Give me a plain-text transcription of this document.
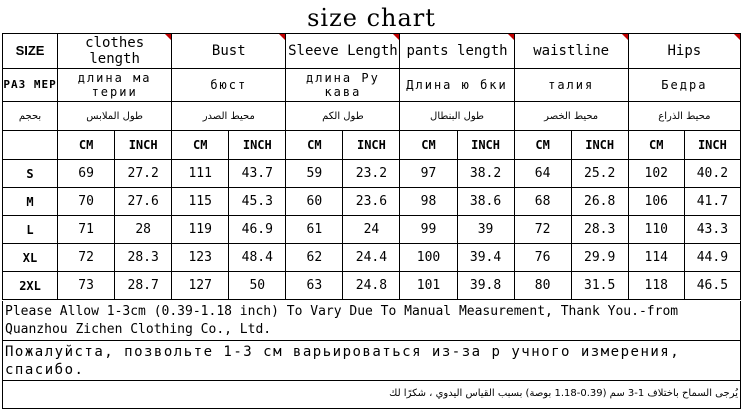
size chart
SIZE	clothes length		Bust		Sleeve Length		pants length		waistline		Hips	

РАЗ МЕР	длина ма терии		бюст		длина Ру кава		Длина ю бки		талия		Бедра	
بحجم	طول الملابس		محيط الصدر		طول الكم		طول البنطال		محيط الخصر		محيط الذراع	
	CM	INCH	CM	INCH	CM	INCH	CM	INCH	CM	INCH	CM	INCH
S	69	27.2	111	43.7	59	23.2	97	38.2	64	25.2	102	40.2
M	70	27.6	115	45.3	60	23.6	98	38.6	68	26.8	106	41.7
L	71	28	119	46.9	61	24	99	39	72	28.3	110	43.3
XL	72	28.3	123	48.4	62	24.4	100	39.4	76	29.9	114	44.9
2XL	73	28.7	127	50	63	24.8	101	39.8	80	31.5	118	46.5
Please Allow 1-3cm (0.39-1.18 inch) To Vary Due To Manual Measurement, Thank You.-from Quanzhou Zichen Clothing Co., Ltd.
Пожалуйста, позвольте 1-3 см варьироваться из-за р учного измерения, спасибо.
يُرجى السماح باختلاف 1-3 سم (0.39-1.18 بوصة) بسبب القياس اليدوي ، شكرًا لك
